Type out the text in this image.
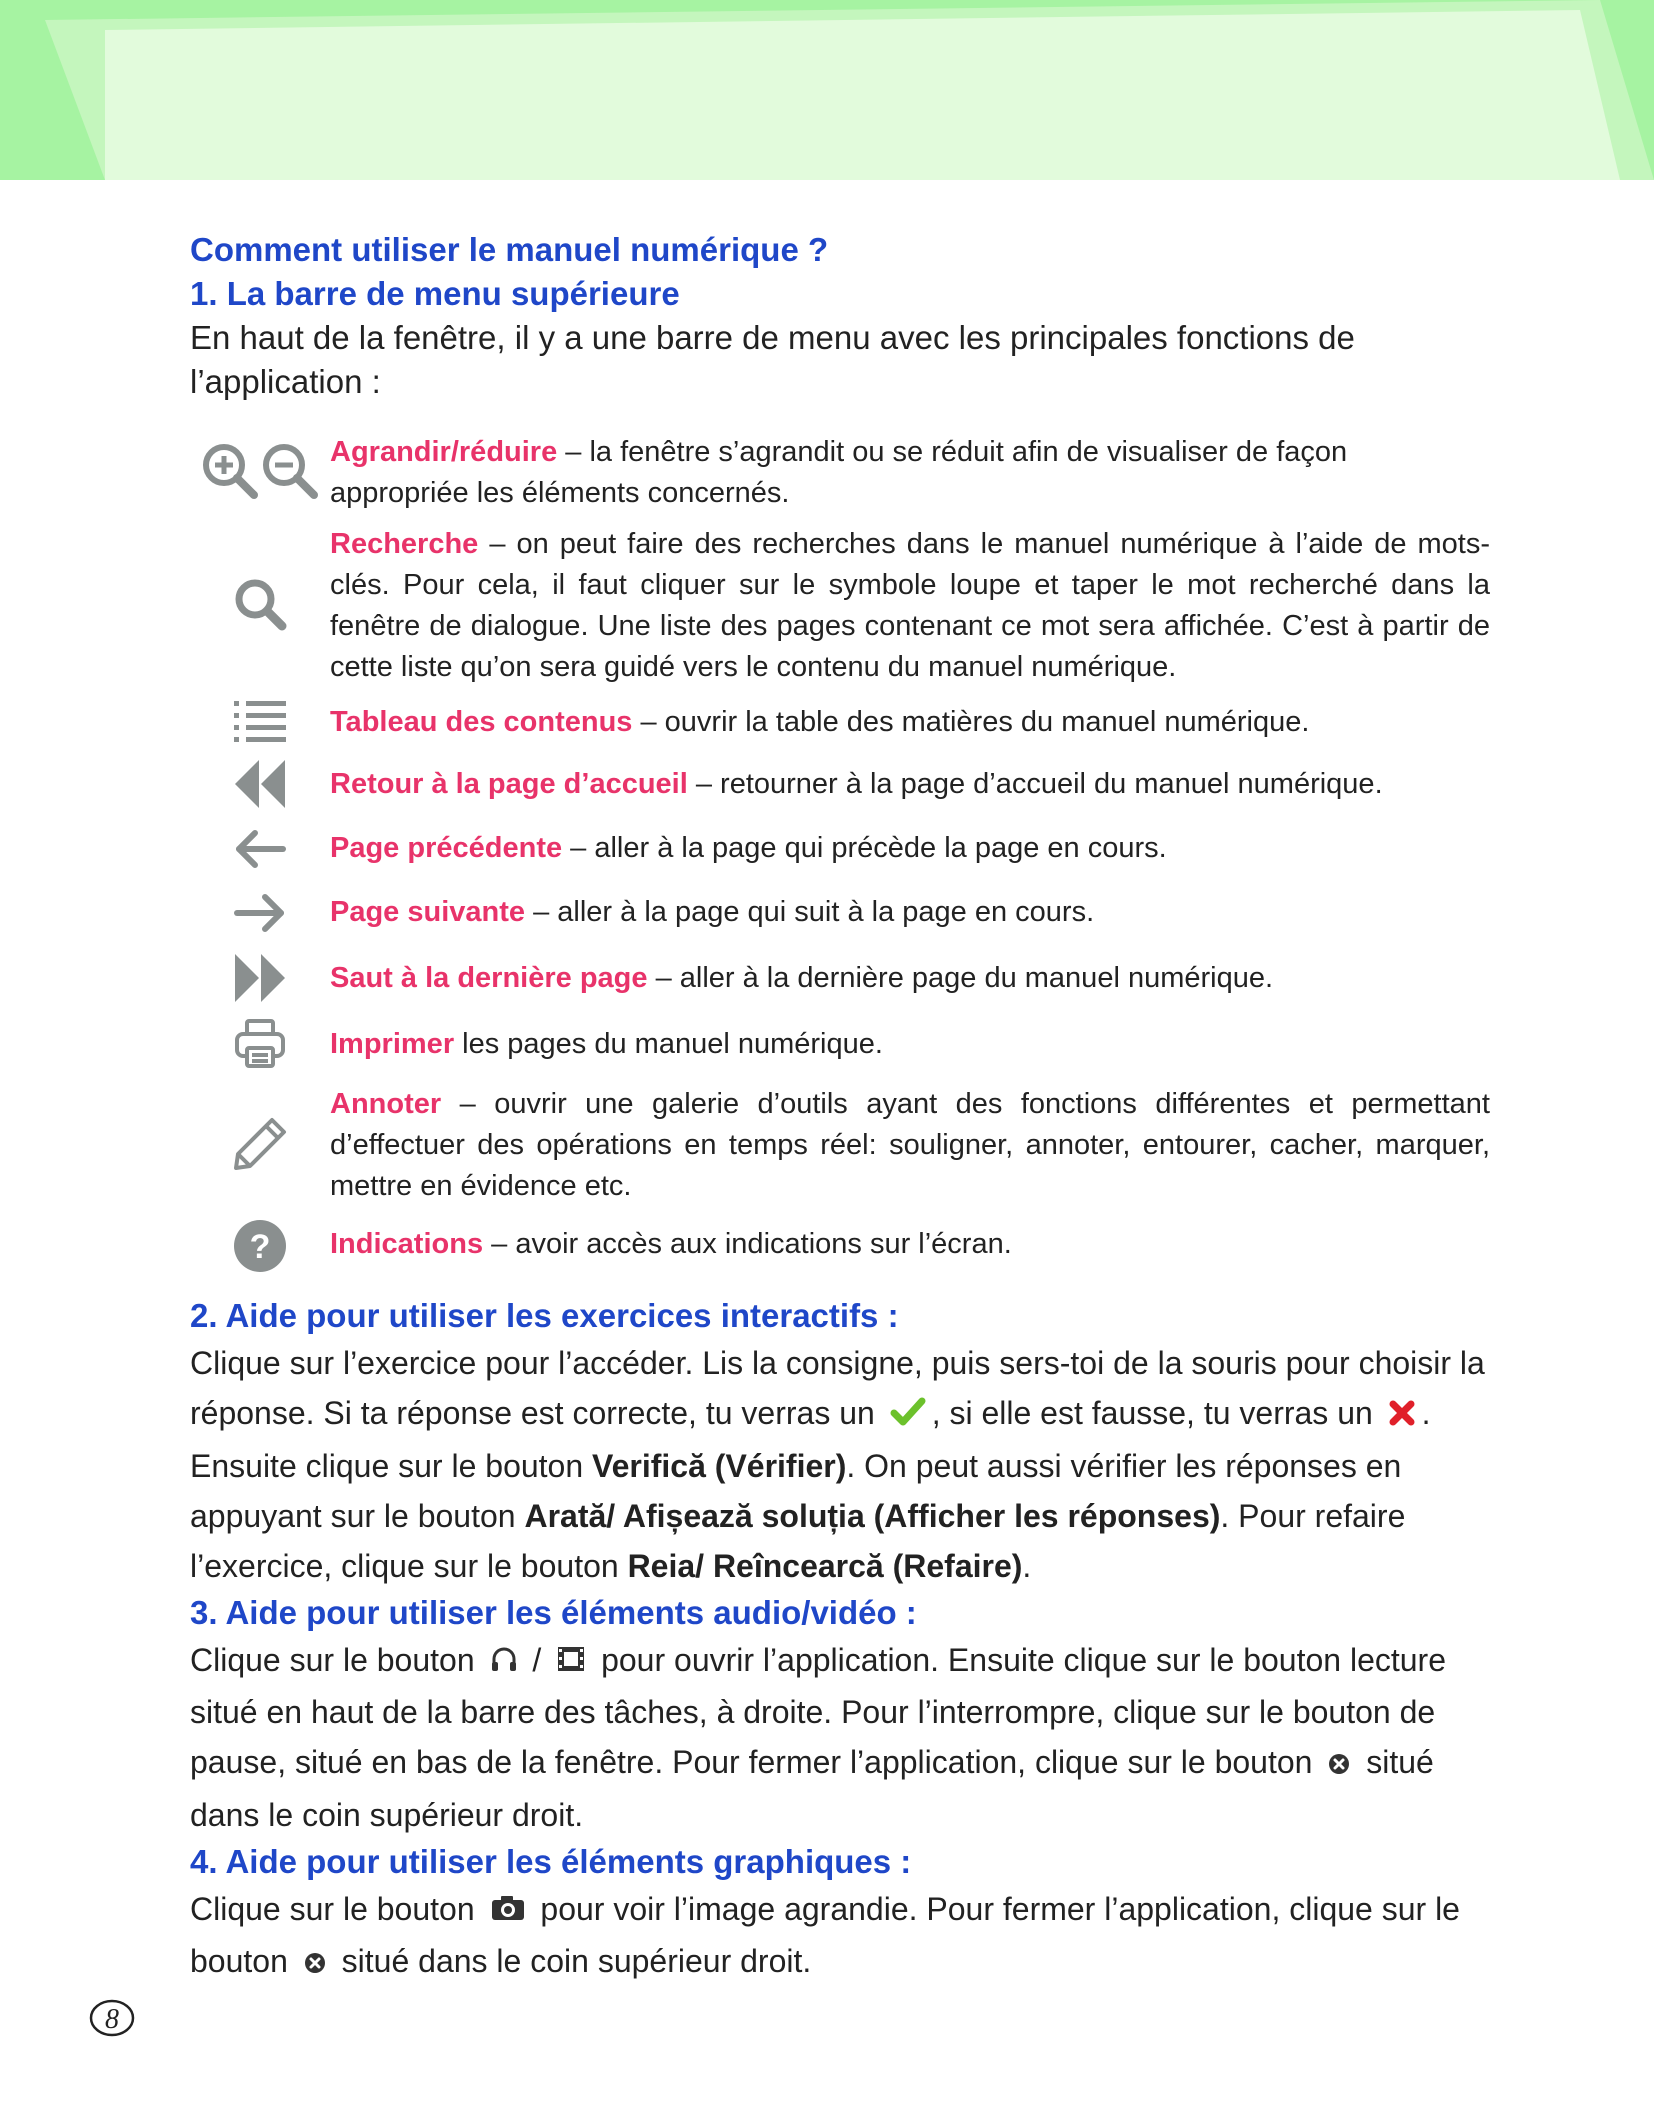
Comment utiliser le manuel numérique ?

1. La barre de menu supérieure

En haut de la fenêtre, il y a une barre de menu avec les principales fonctions de l’application :

Agrandir/réduire – la fenêtre s’agrandit ou se réduit afin de visualiser de façon appropriée les éléments concernés.
Recherche – on peut faire des recherches dans le manuel numérique à l’aide de mots-clés. Pour cela, il faut cliquer sur le symbole loupe et taper le mot recherché dans la fenêtre de dialogue. Une liste des pages contenant ce mot sera affichée. C’est à partir de cette liste qu’on sera guidé vers le contenu du manuel numérique.
Tableau des contenus – ouvrir la table des matières du manuel numérique.
Retour à la page d’accueil – retourner à la page d’accueil du manuel numérique.
Page précédente – aller à la page qui précède la page en cours.
Page suivante – aller à la page qui suit à la page en cours.
Saut à la dernière page – aller à la dernière page du manuel numérique.
Imprimer les pages du manuel numérique.
Annoter – ouvrir une galerie d’outils ayant des fonctions différentes et permettant d’effectuer des opérations en temps réel: souligner, annoter, entourer, cacher, marquer, mettre en évidence etc.
? Indications – avoir accès aux indications sur l’écran.

2. Aide pour utiliser les exercices interactifs :

Clique sur l’exercice pour l’accéder. Lis la consigne, puis sers-toi de la souris pour choisir la réponse. Si ta réponse est correcte, tu verras un , si elle est fausse, tu verras un . Ensuite clique sur le bouton Verifică (Vérifier). On peut aussi vérifier les réponses en appuyant sur le bouton Arată/ Afișează soluția (Afficher les réponses). Pour refaire l’exercice, clique sur le bouton Reia/ Reîncearcă (Refaire).

3. Aide pour utiliser les éléments audio/vidéo :

Clique sur le bouton  /  pour ouvrir l’application. Ensuite clique sur le bouton lecture situé en haut de la barre des tâches, à droite. Pour l’interrompre, clique sur le bouton de pause, situé en bas de la fenêtre. Pour fermer l’application, clique sur le bouton  situé dans le coin supérieur droit.

4. Aide pour utiliser les éléments graphiques :

Clique sur le bouton  pour voir l’image agrandie. Pour fermer l’application, clique sur le bouton  situé dans le coin supérieur droit.

8
